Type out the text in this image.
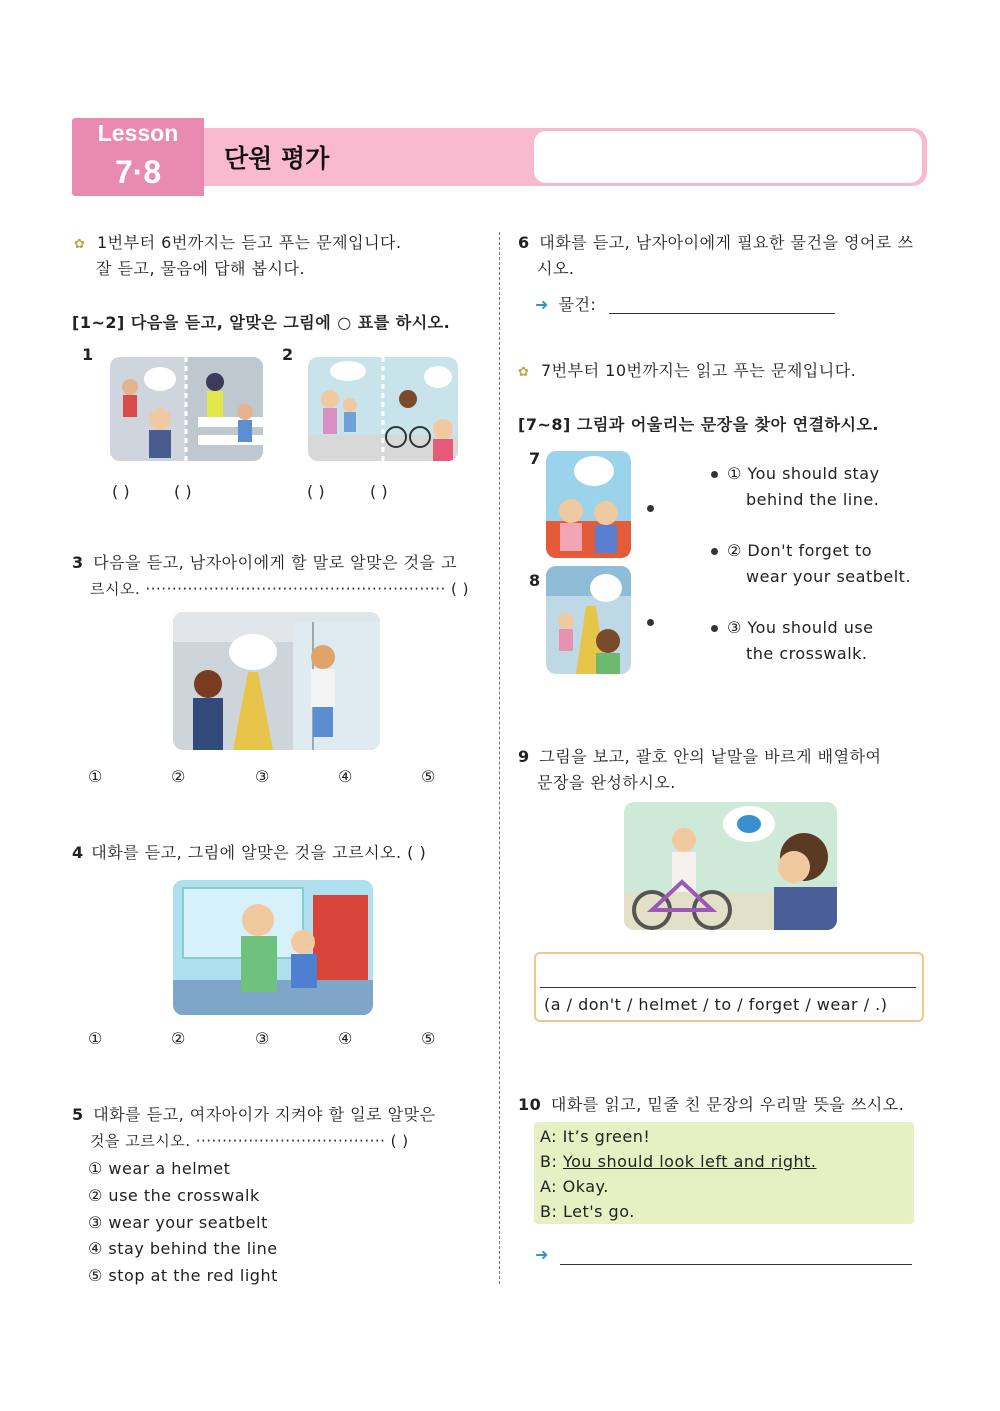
Lesson
7·8	단원 평가
✿ 1번부터 6번까지는 듣고 푸는 문제입니다.
잘 듣고, 물음에 답해 봅시다.
[1~2] 다음을 듣고, 알맞은 그림에 ○ 표를 하시오.
1	2
( )	( )	( )	( )
3 다음을 듣고, 남자아이에게 할 말로 알맞은 것을 고
르시오. ························································· ( )
①	②	③	④	⑤
4 대화를 듣고, 그림에 알맞은 것을 고르시오. ( )
①	②	③	④	⑤
5 대화를 듣고, 여자아이가 지켜야 할 일로 알맞은
것을 고르시오. ···································· ( )
① wear a helmet
② use the crosswalk
③ wear your seatbelt
④ stay behind the line
⑤ stop at the red light
6 대화를 듣고, 남자아이에게 필요한 물건을 영어로 쓰
시오.
➜ 물건:
✿ 7번부터 10번까지는 읽고 푸는 문제입니다.
[7~8] 그림과 어울리는 문장을 찾아 연결하시오.
7
8
① You should stay
behind the line.
② Don't forget to
wear your seatbelt.
③ You should use
the crosswalk.
9 그림을 보고, 괄호 안의 낱말을 바르게 배열하여
문장을 완성하시오.
(a / don't / helmet / to / forget / wear / .)
10 대화를 읽고, 밑줄 친 문장의 우리말 뜻을 쓰시오.
A: It’s green!
B: You should look left and right.
A: Okay.
B: Let's go.
➜
